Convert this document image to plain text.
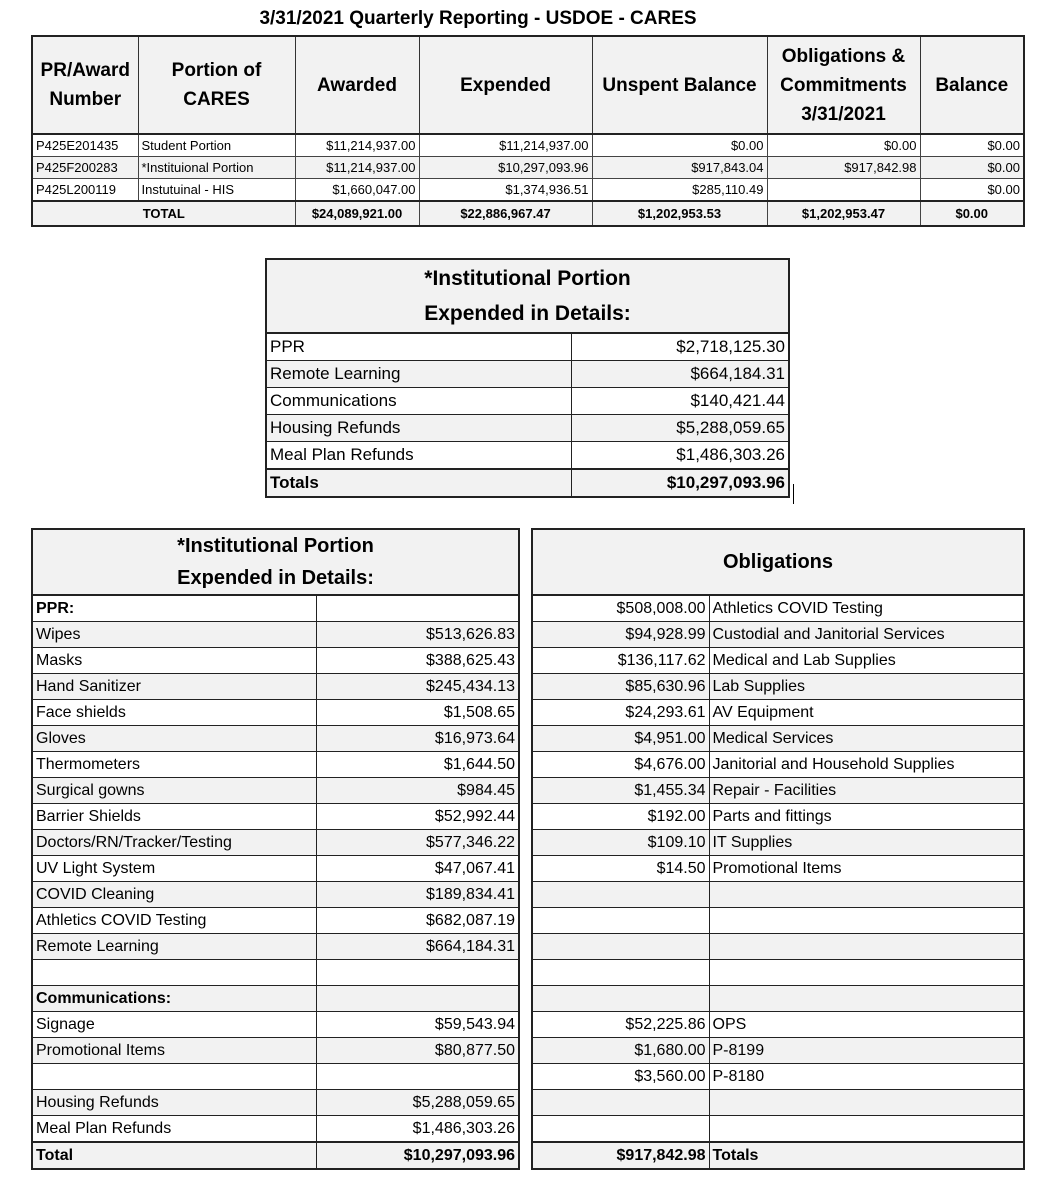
3/31/2021 Quarterly Reporting - USDOE - CARES
PR/Award Number	Portion of CARES	Awarded	Expended	Unspent Balance	Obligations & Commitments 3/31/2021	Balance
P425E201435	Student Portion	$11,214,937.00	$11,214,937.00	$0.00	$0.00	$0.00
P425F200283	*Instituional Portion	$11,214,937.00	$10,297,093.96	$917,843.04	$917,842.98	$0.00
P425L200119	Instutuinal - HIS	$1,660,047.00	$1,374,936.51	$285,110.49		$0.00
TOTAL		$24,089,921.00	$22,886,967.47	$1,202,953.53	$1,202,953.47	$0.00
*Institutional Portion
Expended in Details:	

PPR	$2,718,125.30
Remote Learning	$664,184.31
Communications	$140,421.44
Housing Refunds	$5,288,059.65
Meal Plan Refunds	$1,486,303.26
Totals	$10,297,093.96
*Institutional Portion
Expended in Details:	

PPR:	
Wipes	$513,626.83
Masks	$388,625.43
Hand Sanitizer	$245,434.13
Face shields	$1,508.65
Gloves	$16,973.64
Thermometers	$1,644.50
Surgical gowns	$984.45
Barrier Shields	$52,992.44
Doctors/RN/Tracker/Testing	$577,346.22
UV Light System	$47,067.41
COVID Cleaning	$189,834.41
Athletics COVID Testing	$682,087.19
Remote Learning	$664,184.31

Communications:	
Signage	$59,543.94
Promotional Items	$80,877.50

Housing Refunds	$5,288,059.65
Meal Plan Refunds	$1,486,303.26
Total	$10,297,093.96
Obligations	
$508,008.00	Athletics COVID Testing
$94,928.99	Custodial and Janitorial Services
$136,117.62	Medical and Lab Supplies
$85,630.96	Lab Supplies
$24,293.61	AV Equipment
$4,951.00	Medical Services
$4,676.00	Janitorial and Household Supplies
$1,455.34	Repair - Facilities
$192.00	Parts and fittings
$109.10	IT Supplies
$14.50	Promotional Items

$52,225.86	OPS
$1,680.00	P-8199
$3,560.00	P-8180

$917,842.98	Totals
